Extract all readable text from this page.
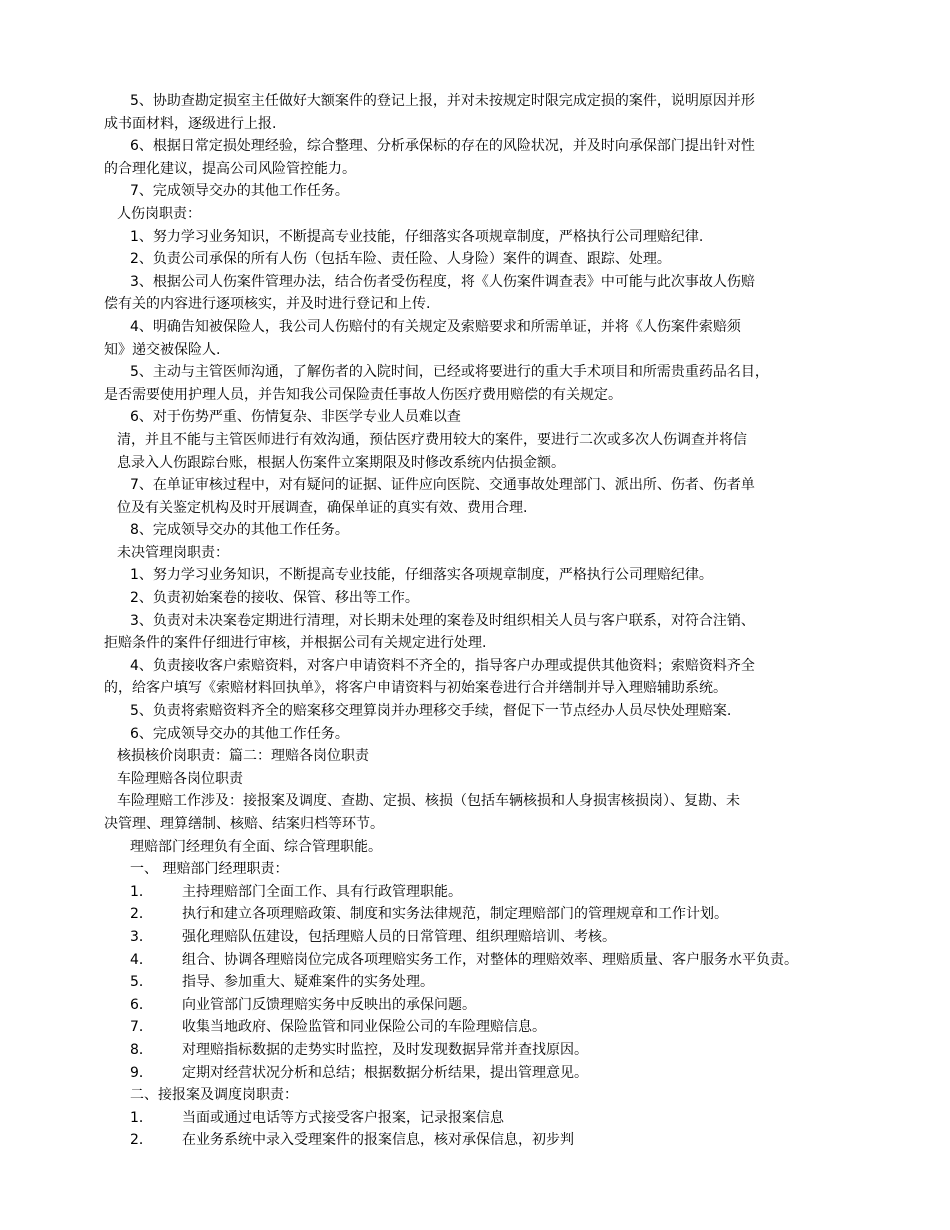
5、协助查勘定损室主任做好大额案件的登记上报，并对未按规定时限完成定损的案件，说明原因并形
成书面材料，逐级进行上报.
6、根据日常定损处理经验，综合整理、分析承保标的存在的风险状况，并及时向承保部门提出针对性
的合理化建议，提高公司风险管控能力。
7、完成领导交办的其他工作任务。
人伤岗职责：
1、努力学习业务知识，不断提高专业技能，仔细落实各项规章制度，严格执行公司理赔纪律.
2、负责公司承保的所有人伤（包括车险、责任险、人身险）案件的调查、跟踪、处理。
3、根据公司人伤案件管理办法，结合伤者受伤程度，将《人伤案件调查表》中可能与此次事故人伤赔
偿有关的内容进行逐项核实，并及时进行登记和上传.
4、明确告知被保险人，我公司人伤赔付的有关规定及索赔要求和所需单证，并将《人伤案件索赔须
知》递交被保险人.
5、主动与主管医师沟通，了解伤者的入院时间，已经或将要进行的重大手术项目和所需贵重药品名目，
是否需要使用护理人员，并告知我公司保险责任事故人伤医疗费用赔偿的有关规定。
6、对于伤势严重、伤情复杂、非医学专业人员难以查
清，并且不能与主管医师进行有效沟通，预估医疗费用较大的案件，要进行二次或多次人伤调查并将信
息录入人伤跟踪台账，根据人伤案件立案期限及时修改系统内估损金额。
7、在单证审核过程中，对有疑问的证据、证件应向医院、交通事故处理部门、派出所、伤者、伤者单
位及有关鉴定机构及时开展调查，确保单证的真实有效、费用合理.
8、完成领导交办的其他工作任务。
未决管理岗职责：
1、努力学习业务知识，不断提高专业技能，仔细落实各项规章制度，严格执行公司理赔纪律。
2、负责初始案卷的接收、保管、移出等工作。
3、负责对未决案卷定期进行清理，对长期未处理的案卷及时组织相关人员与客户联系，对符合注销、
拒赔条件的案件仔细进行审核，并根据公司有关规定进行处理.
4、负责接收客户索赔资料，对客户申请资料不齐全的，指导客户办理或提供其他资料；索赔资料齐全
的，给客户填写《索赔材料回执单》，将客户申请资料与初始案卷进行合并缮制并导入理赔辅助系统。
5、负责将索赔资料齐全的赔案移交理算岗并办理移交手续，督促下一节点经办人员尽快处理赔案.
6、完成领导交办的其他工作任务。
核损核价岗职责：篇二：理赔各岗位职责
车险理赔各岗位职责
车险理赔工作涉及：接报案及调度、查勘、定损、核损（包括车辆核损和人身损害核损岗）、复勘、未
决管理、理算缮制、核赔、结案归档等环节。
理赔部门经理负有全面、综合管理职能。
一、 理赔部门经理职责：
1． 主持理赔部门全面工作、具有行政管理职能。
2． 执行和建立各项理赔政策、制度和实务法律规范，制定理赔部门的管理规章和工作计划。
3． 强化理赔队伍建设，包括理赔人员的日常管理、组织理赔培训、考核。
4． 组合、协调各理赔岗位完成各项理赔实务工作，对整体的理赔效率、理赔质量、客户服务水平负责。
5． 指导、参加重大、疑难案件的实务处理。
6． 向业管部门反馈理赔实务中反映出的承保问题。
7． 收集当地政府、保险监管和同业保险公司的车险理赔信息。
8． 对理赔指标数据的走势实时监控，及时发现数据异常并查找原因。
9． 定期对经营状况分析和总结；根据数据分析结果，提出管理意见。
二、接报案及调度岗职责：
1． 当面或通过电话等方式接受客户报案，记录报案信息
2． 在业务系统中录入受理案件的报案信息，核对承保信息，初步判
